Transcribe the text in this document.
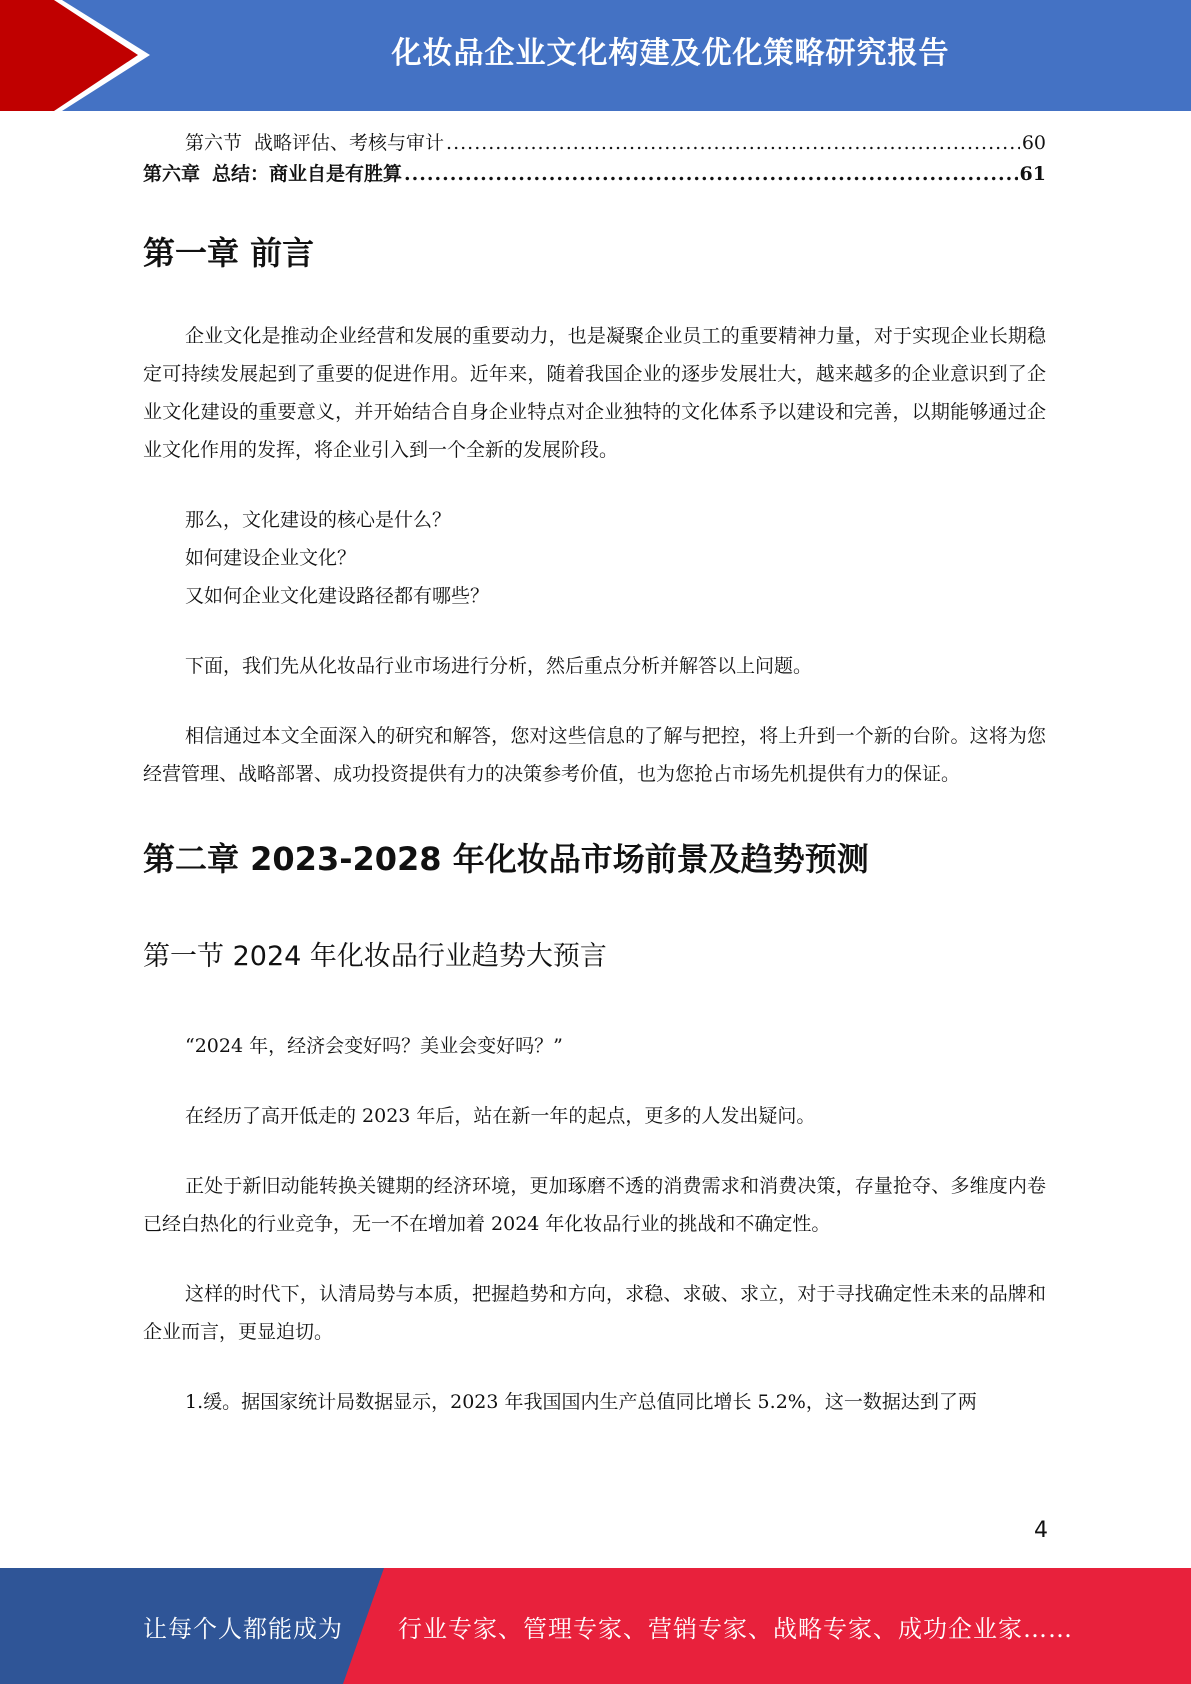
化妆品企业文化构建及优化策略研究报告
第六节 战略评估、考核与审计 .....	60
第六章 总结：商业自是有胜算 .....	61
第一章 前言

企业文化是推动企业经营和发展的重要动力，也是凝聚企业员工的重要精神力量，对于实现企业长期稳定可持续发展起到了重要的促进作用。近年来，随着我国企业的逐步发展壮大，越来越多的企业意识到了企业文化建设的重要意义，并开始结合自身企业特点对企业独特的文化体系予以建设和完善，以期能够通过企业文化作用的发挥，将企业引入到一个全新的发展阶段。

那么，文化建设的核心是什么？

如何建设企业文化？

又如何企业文化建设路径都有哪些？

下面，我们先从化妆品行业市场进行分析，然后重点分析并解答以上问题。

相信通过本文全面深入的研究和解答，您对这些信息的了解与把控，将上升到一个新的台阶。这将为您经营管理、战略部署、成功投资提供有力的决策参考价值，也为您抢占市场先机提供有力的保证。

第二章 2023-2028 年化妆品市场前景及趋势预测
第一节 2024 年化妆品行业趋势大预言

“2024 年，经济会变好吗？美业会变好吗？”

在经历了高开低走的 2023 年后，站在新一年的起点，更多的人发出疑问。

正处于新旧动能转换关键期的经济环境，更加琢磨不透的消费需求和消费决策，存量抢夺、多维度内卷已经白热化的行业竞争，无一不在增加着 2024 年化妆品行业的挑战和不确定性。

这样的时代下，认清局势与本质，把握趋势和方向，求稳、求破、求立，对于寻找确定性未来的品牌和企业而言，更显迫切。

1.缓。据国家统计局数据显示，2023 年我国国内生产总值同比增长 5.2%，这一数据达到了两

4
让每个人都能成为 行业专家、管理专家、营销专家、战略专家、成功企业家……
